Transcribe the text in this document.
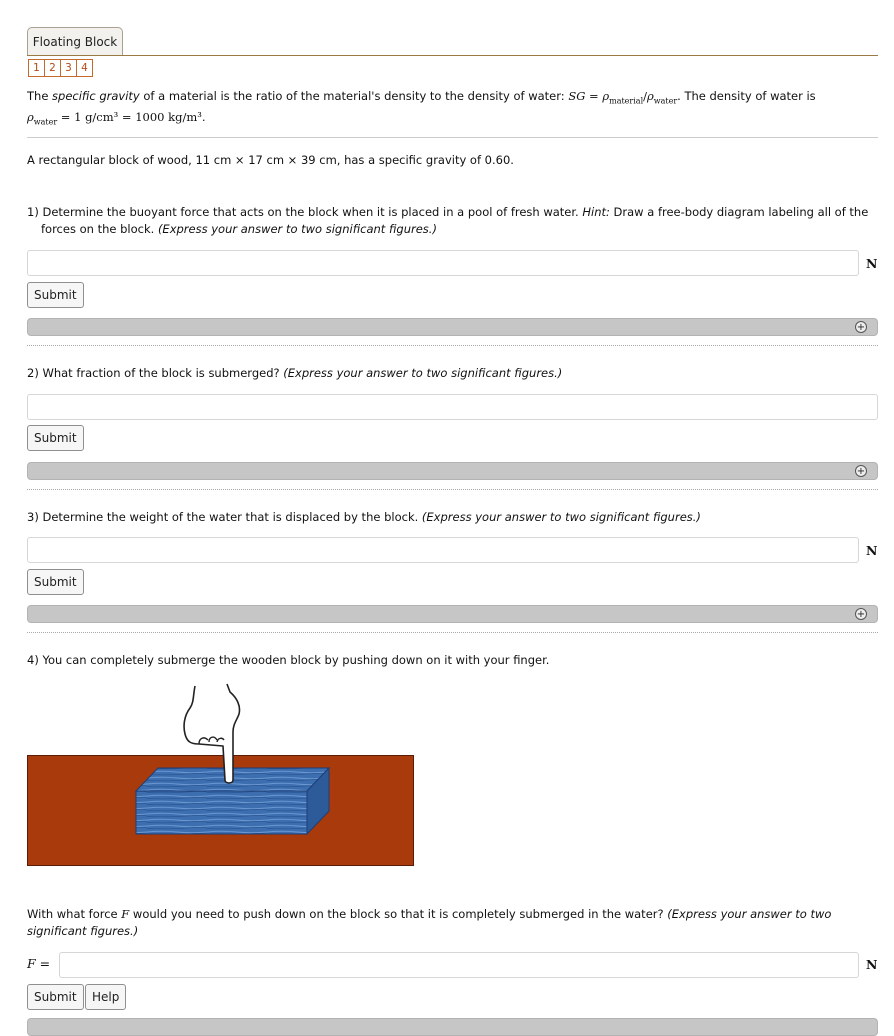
Floating Block
1 2 3 4
The specific gravity of a material is the ratio of the material's density to the density of water: SG = $\rho_{material}/\rho_{water}$. The density of water is
$\rho_{water} = 1$ g/cm³ = 1000 kg/m³.
A rectangular block of wood, 11 cm × 17 cm × 39 cm, has a specific gravity of 0.60.
1) Determine the buoyant force that acts on the block when it is placed in a pool of fresh water. Hint: Draw a free-body diagram labeling all of the forces on the block. (Express your answer to two significant figures.)
N
Submit
+
2) What fraction of the block is submerged? (Express your answer to two significant figures.)
Submit
+
3) Determine the weight of the water that is displaced by the block. (Express your answer to two significant figures.)
N
Submit
+
4) You can completely submerge the wooden block by pushing down on it with your finger.
With what force F would you need to push down on the block so that it is completely submerged in the water? (Express your answer to two significant figures.)
F =	N
Submit	Help
